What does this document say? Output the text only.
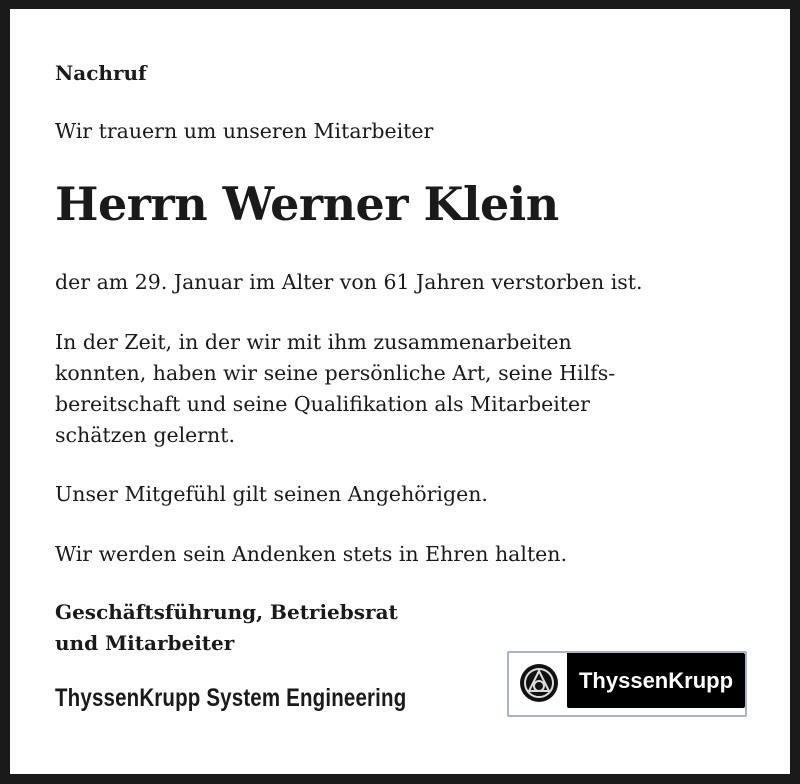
Nachruf

Wir trauern um unseren Mitarbeiter

Herrn Werner Klein

der am 29. Januar im Alter von 61 Jahren verstorben ist.

In der Zeit, in der wir mit ihm zusammenarbeiten
konnten, haben wir seine persönliche Art, seine Hilfs-
bereitschaft und seine Qualifikation als Mitarbeiter
schätzen gelernt.

Unser Mitgefühl gilt seinen Angehörigen.

Wir werden sein Andenken stets in Ehren halten.

Geschäftsführung, Betriebsrat
und Mitarbeiter

ThyssenKrupp System Engineering

ThyssenKrupp
